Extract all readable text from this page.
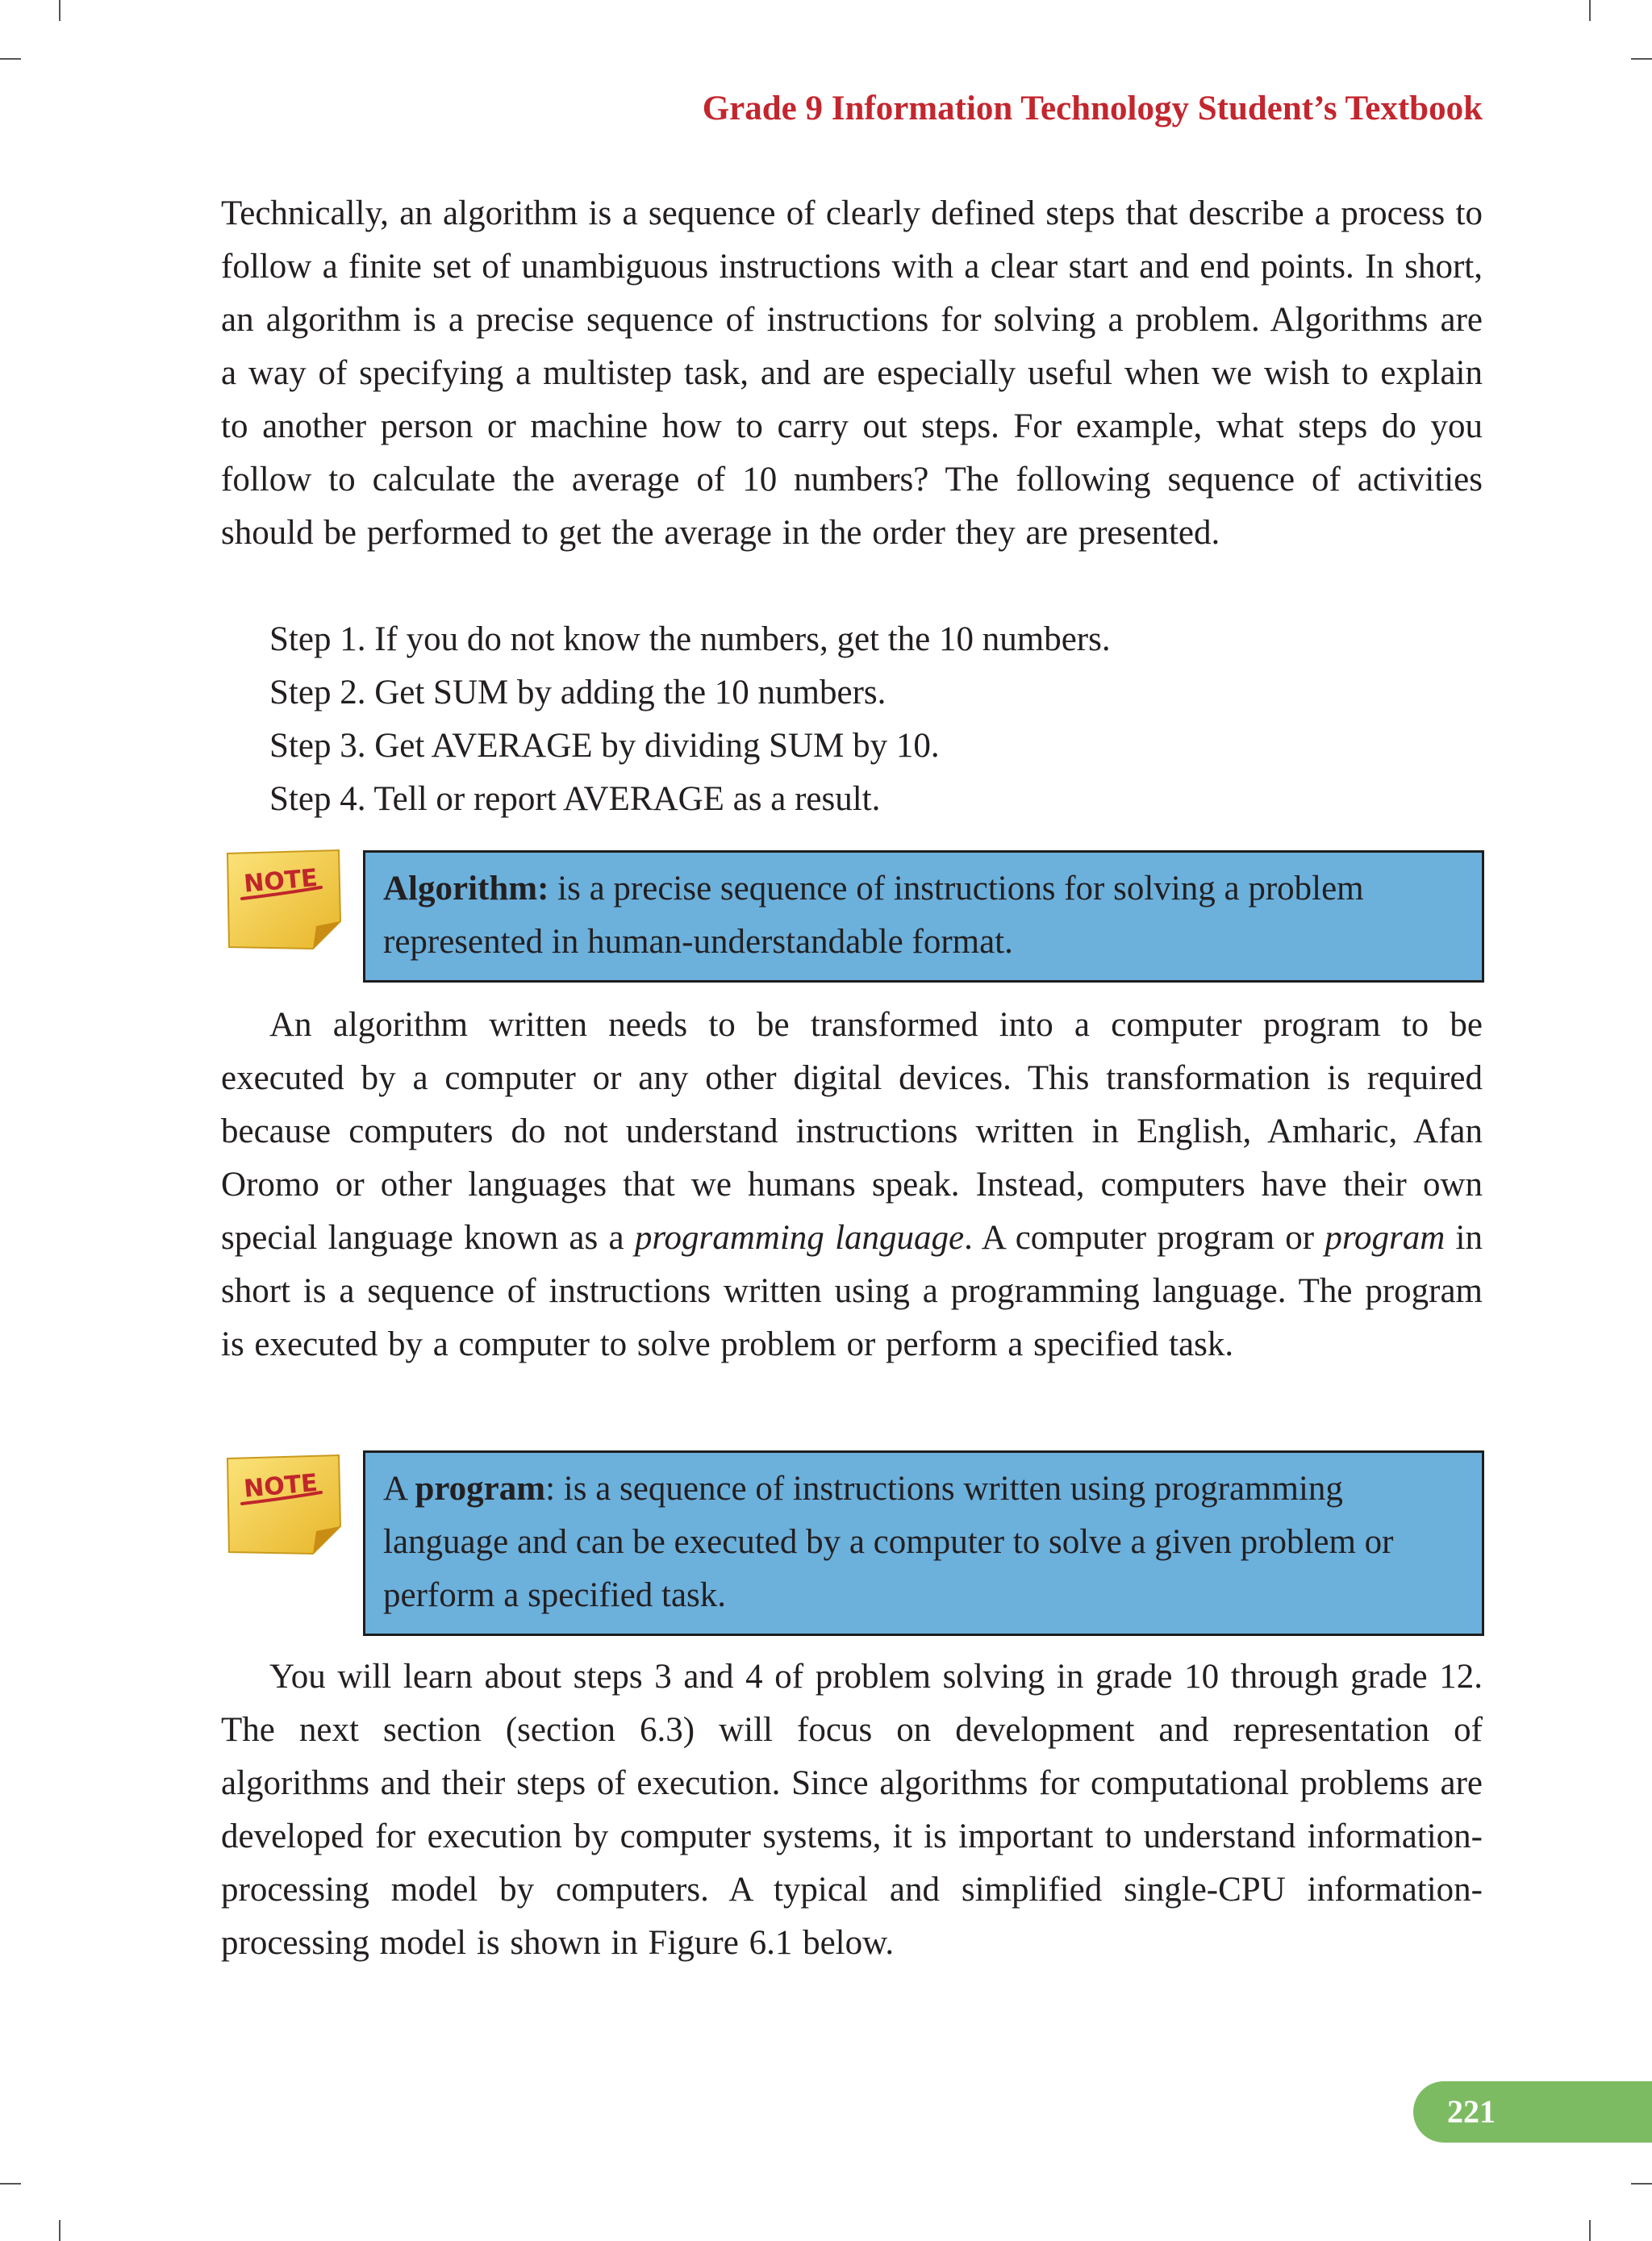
Grade 9 Information Technology Student’s Textbook

Technically, an algorithm is a sequence of clearly defined steps that describe a process to follow a finite set of unambiguous instructions with a clear start and end points. In short, an algorithm is a precise sequence of instructions for solving a problem. Algorithms are a way of specifying a multistep task, and are especially useful when we wish to explain to another person or machine how to carry out steps. For example, what steps do you follow to calculate the average of 10 numbers? The following sequence of activities should be performed to get the average in the order they are presented.

Step 1. If you do not know the numbers, get the 10 numbers.
Step 2. Get SUM by adding the 10 numbers.
Step 3. Get AVERAGE by dividing SUM by 10.
Step 4. Tell or report AVERAGE as a result.
NOTE	Algorithm: is a precise sequence of instructions for solving a problem represented in human-understandable format.

An algorithm written needs to be transformed into a computer program to be executed by a computer or any other digital devices. This transformation is required because computers do not understand instructions written in English, Amharic, Afan Oromo or other languages that we humans speak. Instead, computers have their own special language known as a programming language. A computer program or program in short is a sequence of instructions written using a programming language. The program is executed by a computer to solve problem or perform a specified task.

NOTE	A program: is a sequence of instructions written using programming language and can be executed by a computer to solve a given problem or perform a specified task.

You will learn about steps 3 and 4 of problem solving in grade 10 through grade 12. The next section (section 6.3) will focus on development and representation of algorithms and their steps of execution. Since algorithms for computational problems are developed for execution by computer systems, it is important to understand information-processing model by computers. A typical and simplified single-CPU information-processing model is shown in Figure 6.1 below.

221
